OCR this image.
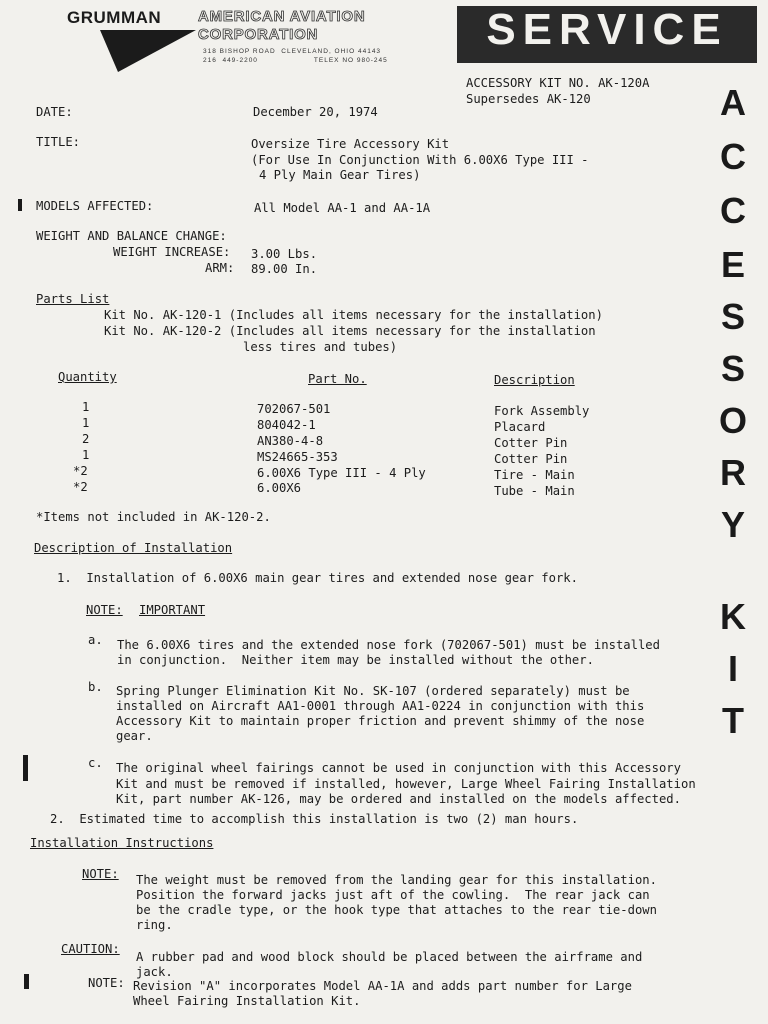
GRUMMAN AMERICAN AVIATION
CORPORATION
318 BISHOP ROAD  CLEVELAND, OHIO 44143
216  449-2200                    TELEX NO 980-245
SERVICE
ACCESSORY KIT NO. AK-120A
Supersedes AK-120	A
C
C
E
S
S
O
R
Y
K
I
T
DATE:	December 20, 1974
TITLE:	Oversize Tire Accessory Kit
(For Use In Conjunction With 6.00X6 Type III -
4 Ply Main Gear Tires)
MODELS AFFECTED:	All Model AA-1 and AA-1A
WEIGHT AND BALANCE CHANGE:
WEIGHT INCREASE: 3.00 Lbs.
ARM: 89.00 In.
Parts List
Kit No. AK-120-1 (Includes all items necessary for the installation)
Kit No. AK-120-2 (Includes all items necessary for the installation
less tires and tubes)
Quantity	Part No.	Description
1	702067-501	Fork Assembly
1	804042-1	Placard
2	AN380-4-8	Cotter Pin
1	MS24665-353	Cotter Pin
*2	6.00X6 Type III - 4 Ply	Tire - Main
*2	6.00X6	Tube - Main
*Items not included in AK-120-2.
Description of Installation
1.  Installation of 6.00X6 main gear tires and extended nose gear fork.
NOTE: IMPORTANT
a. The 6.00X6 tires and the extended nose fork (702067-501) must be installed
in conjunction.  Neither item may be installed without the other.
b. Spring Plunger Elimination Kit No. SK-107 (ordered separately) must be
installed on Aircraft AA1-0001 through AA1-0224 in conjunction with this
Accessory Kit to maintain proper friction and prevent shimmy of the nose
gear.
c. The original wheel fairings cannot be used in conjunction with this Accessory
Kit and must be removed if installed, however, Large Wheel Fairing Installation
Kit, part number AK-126, may be ordered and installed on the models affected.
2.  Estimated time to accomplish this installation is two (2) man hours.
Installation Instructions
NOTE: The weight must be removed from the landing gear for this installation.
Position the forward jacks just aft of the cowling.  The rear jack can
be the cradle type, or the hook type that attaches to the rear tie-down
ring.
CAUTION:
A rubber pad and wood block should be placed between the airframe and
jack.
NOTE: Revision "A" incorporates Model AA-1A and adds part number for Large
Wheel Fairing Installation Kit.
